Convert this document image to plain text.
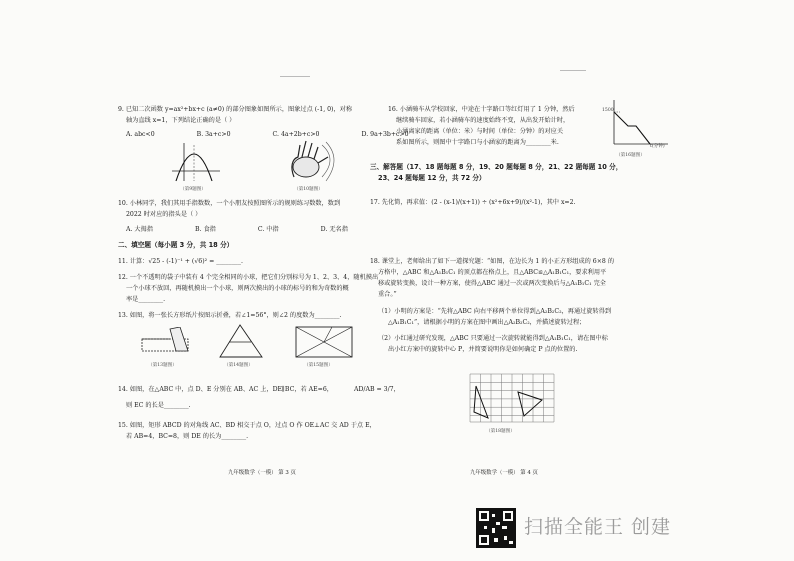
9. 已知二次函数 y=ax²+bx+c (a≠0) 的部分图象如图所示，图象过点 (-1, 0)，对称
轴为直线 x=1，下列结论正确的是（ ）
A. abc<0	B. 3a+c>0	C. 4a+2b+c>0	D. 9a+3b+c>0
（第9题图）	（第10题图）
10. 小林同学，我们其用手指数数，一个小朋友按照图所示的规则练习数数，数到
2022 时对应的指头是（ ）
A. 大拇指	B. 食指	C. 中指	D. 无名指
二、填空题（每小题 3 分，共 18 分）
11. 计算：√25 - (-1)⁻¹ + (√6)² = ________.
12. 一个不透明的袋子中装有 4 个完全相同的小球，把它们分别标号为 1、2、3、4，随机摸出
一个小球不放回，再随机摸出一个小球，则两次摸出的小球的标号的和为奇数的概
率是________.
13. 如图，将一张长方形纸片按图示折叠，若∠1=56°，则∠2 的度数为________.
（第13题图）	（第14题图）	（第15题图）
14. 如图，在△ABC 中，点 D、E 分别在 AB、AC 上，DE∥BC，若 AE=6，	AD/AB = 3/7，
则 EC 的长是________.
15. 如图，矩形 ABCD 的对角线 AC、BD 相交于点 O，过点 O 作 OE⊥AC 交 AD 于点 E，
若 AB=4，BC=8，则 DE 的长为________.
九年级数学（一模） 第 3 页
16. 小涵骑车从学校回家，中途在十字路口等红灯用了 1 分钟，然后
继续骑车回家，若小涵骑车的速度始终不变，从出发开始计时，
小涵离家的距离（单位：米）与时间（单位：分钟）的对应关
系如图所示，则图中十字路口与小涵家的距离为________米.
1500
t(分钟)
（第16题图）
三、解答题（17、18 题每题 8 分，19、20 题每题 8 分，21、22 题每题 10 分，
23、24 题每题 12 分，共 72 分）
17. 先化简，再求值：(2 - (x-1)/(x+1)) ÷ (x²+6x+9)/(x²-1)，其中 x=2.
18. 课堂上，老师给出了如下一道探究题：“如图，在边长为 1 的小正方形组成的 6×8 的
方格中，△ABC 和△A₁B₁C₁ 的顶点都在格点上，且△ABC≌△A₁B₁C₁，要求利用平
移或旋转变换，设计一种方案，使得△ABC 通过一次或两次变换后与△A₁B₁C₁ 完全
重合。”
（1）小明的方案是：“先将△ABC 向右平移两个单位得到△A₂B₂C₂，再通过旋转得到
△A₁B₁C₁”，请根据小明的方案在图中画出△A₂B₂C₂，并描述旋转过程；
（2）小红通过研究发现，△ABC 只要通过一次旋转就能得到△A₁B₁C₁，请在图中标
出小红方案中的旋转中心 P，并简要说明你是如何确定 P 点的位置的.
（第18题图）
九年级数学（一模） 第 4 页
扫描全能王 创建
